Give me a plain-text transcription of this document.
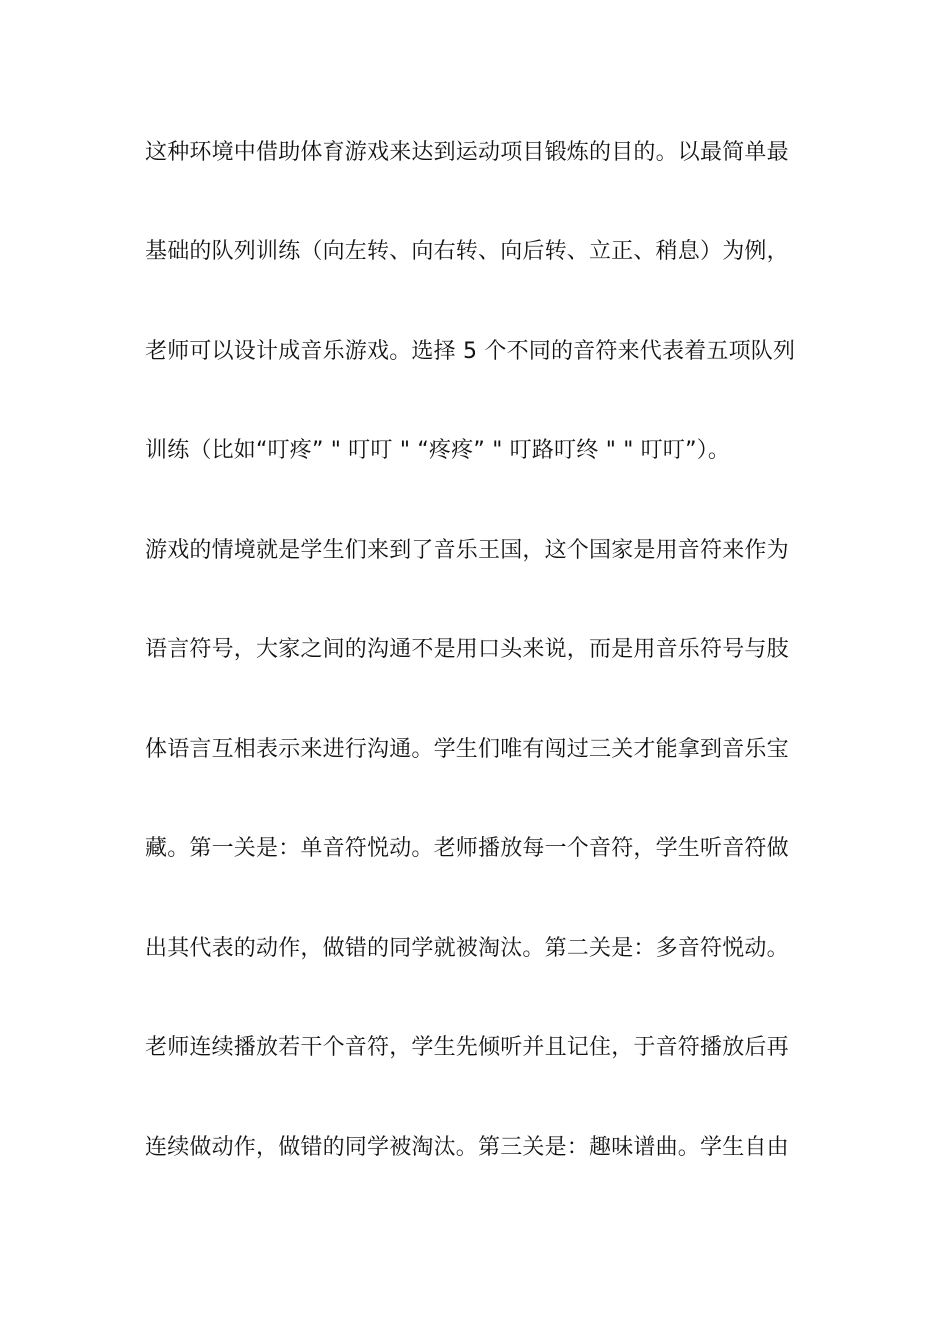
这种环境中借助体育游戏来达到运动项目锻炼的目的。以最简单最
基础的队列训练（向左转、向右转、向后转、立正、稍息）为例，
老师可以设计成音乐游戏。选择 5 个不同的音符来代表着五项队列
训练（比如“叮疼” " 叮叮 " “疼疼” " 叮路叮终 " " 叮叮”）。
游戏的情境就是学生们来到了音乐王国，这个国家是用音符来作为
语言符号，大家之间的沟通不是用口头来说，而是用音乐符号与肢
体语言互相表示来进行沟通。学生们唯有闯过三关才能拿到音乐宝
藏。第一关是：单音符悦动。老师播放每一个音符，学生听音符做
出其代表的动作，做错的同学就被淘汰。第二关是：多音符悦动。
老师连续播放若干个音符，学生先倾听并且记住，于音符播放后再
连续做动作，做错的同学被淘汰。第三关是：趣味谱曲。学生自由
